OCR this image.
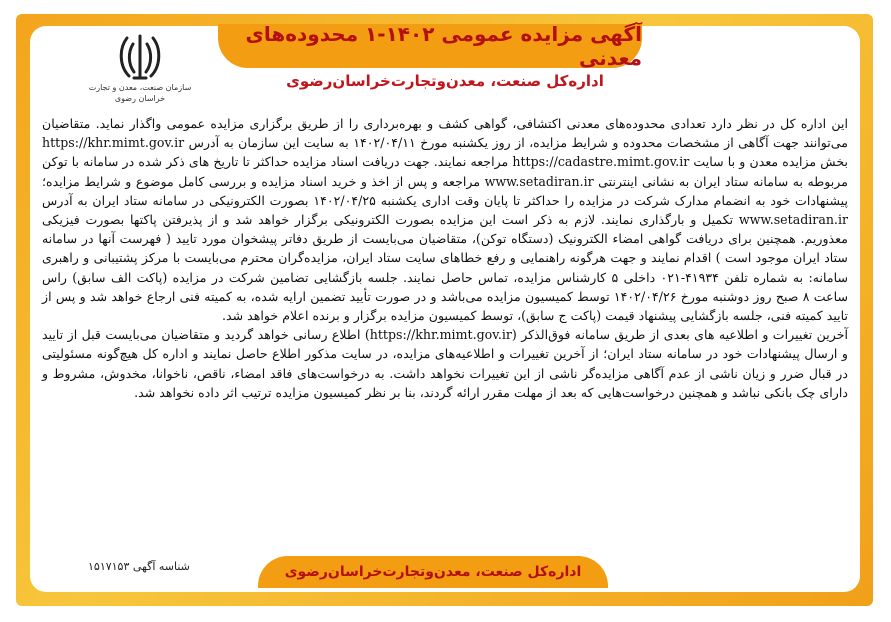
آگهی مزایده عمومی ۱۴۰۲-۱ محدوده‌های معدنی
اداره‌کل صنعت، معدن‌وتجارت‌خراسان‌رضوی
سازمان صنعت، معدن و تجارت خراسان رضوی

این اداره کل در نظر دارد تعدادی محدوده‌های معدنی اکتشافی، گواهی کشف و بهره‌برداری را از طریق برگزاری مزایده عمومی واگذار نماید. متقاضیان می‌توانند جهت آگاهی از مشخصات محدوده و شرایط مزایده، از روز یکشنبه مورخ ۱۴۰۲/۰۴/۱۱ به سایت این سازمان به آدرس https://khr.mimt.gov.ir بخش مزایده معدن و با سایت https://cadastre.mimt.gov.ir مراجعه نمایند. جهت دریافت اسناد مزایده حداکثر تا تاریخ های ذکر شده در سامانه با توکن مربوطه به سامانه ستاد ایران به نشانی اینترنتی www.setadiran.ir مراجعه و پس از اخذ و خرید اسناد مزایده و بررسی کامل موضوع و شرایط مزایده؛ پیشنهادات خود به انضمام مدارک شرکت در مزایده را حداکثر تا پایان وقت اداری یکشنبه ۱۴۰۲/۰۴/۲۵ بصورت الکترونیکی در سامانه ستاد ایران به آدرس www.setadiran.ir تکمیل و بارگذاری نمایند. لازم به ذکر است این مزایده بصورت الکترونیکی برگزار خواهد شد و از پذیرفتن پاکتها بصورت فیزیکی معذوریم. همچنین برای دریافت گواهی امضاء الکترونیک (دستگاه توکن)، متقاضیان می‌بایست از طریق دفاتر پیشخوان مورد تایید ( فهرست آنها در سامانه ستاد ایران موجود است ) اقدام نمایند و جهت هرگونه راهنمایی و رفع خطاهای سایت ستاد ایران، مزایده‌گران محترم می‌بایست با مرکز پشتیبانی و راهبری سامانه: به شماره تلفن ۴۱۹۳۴-۰۲۱ داخلی ۵ کارشناس مزایده، تماس حاصل نمایند. جلسه بازگشایی تضامین شرکت در مزایده (پاکت الف سابق) راس ساعت ۸ صبح روز دوشنبه مورخ ۱۴۰۲/۰۴/۲۶ توسط کمیسیون مزایده می‌باشد و در صورت تأیید تضمین ارایه شده، به کمیته فنی ارجاع خواهد شد و پس از تایید کمیته فنی، جلسه بازگشایی پیشنهاد قیمت (پاکت ج سابق)، توسط کمیسیون مزایده برگزار و برنده اعلام خواهد شد.

آخرین تغییرات و اطلاعیه های بعدی از طریق سامانه فوق‌الذکر (https://khr.mimt.gov.ir) اطلاع رسانی خواهد گردید و متقاضیان می‌بایست قبل از تایید و ارسال پیشنهادات خود در سامانه ستاد ایران؛ از آخرین تغییرات و اطلاعیه‌های مزایده، در سایت مذکور اطلاع حاصل نمایند و اداره کل هیچ‌گونه مسئولیتی در قبال ضرر و زیان ناشی از عدم آگاهی مزایده‌گر ناشی از این تغییرات نخواهد داشت. به درخواست‌های فاقد امضاء، ناقص، ناخوانا، مخدوش، مشروط و دارای چک بانکی نباشد و همچنین درخواست‌هایی که بعد از مهلت مقرر ارائه گردند، بنا بر نظر کمیسیون مزایده ترتیب اثر داده نخواهد شد.

شناسه آگهی ۱۵۱۷۱۵۳	اداره‌کل صنعت، معدن‌وتجارت‌خراسان‌رضوی
